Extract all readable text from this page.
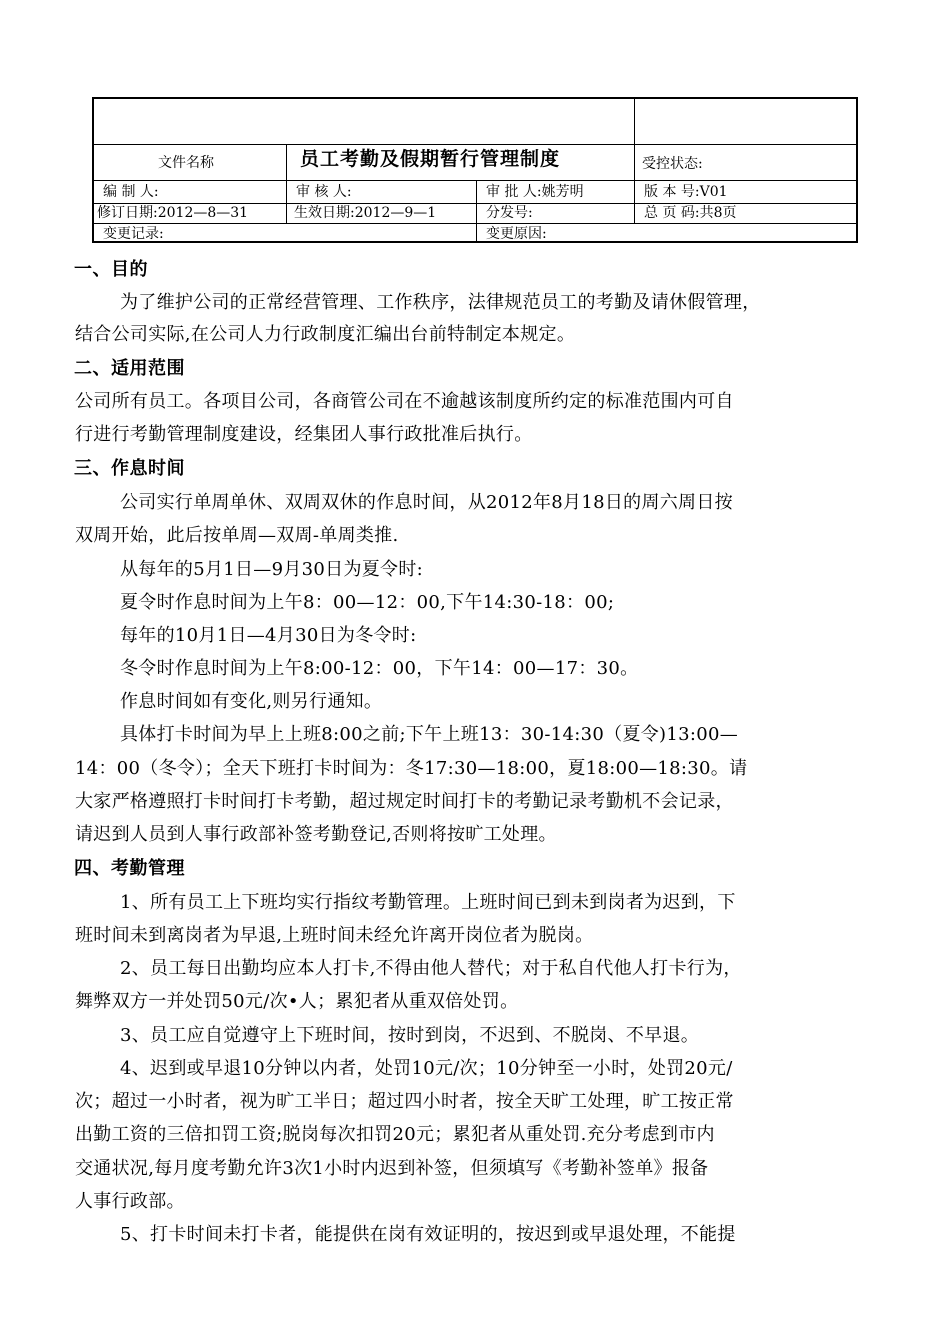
文件名称	员工考勤及假期暂行管理制度	受控状态:
编 制 人:	审 核 人:	审 批 人:姚芳明	版 本 号:V01
修订日期:2012—8—31	生效日期:2012—9—1	分发号:	总 页 码:共8页
变更记录:	变更原因:
一、目的
为了维护公司的正常经营管理、工作秩序，法律规范员工的考勤及请休假管理，
结合公司实际,在公司人力行政制度汇编出台前特制定本规定。
二、适用范围
公司所有员工。各项目公司，各商管公司在不逾越该制度所约定的标准范围内可自
行进行考勤管理制度建设，经集团人事行政批准后执行。
三、作息时间
公司实行单周单休、双周双休的作息时间，从2012年8月18日的周六周日按
双周开始，此后按单周—双周-单周类推.
从每年的5月1日—9月30日为夏令时:
夏令时作息时间为上午8：00—12：00,下午14:30-18：00;
每年的10月1日—4月30日为冬令时:
冬令时作息时间为上午8:00-12：00，下午14：00—17：30。
作息时间如有变化,则另行通知。
具体打卡时间为早上上班8:00之前;下午上班13：30-14:30（夏令)13:00—
14：00（冬令）；全天下班打卡时间为：冬17:30—18:00，夏18:00—18:30。请
大家严格遵照打卡时间打卡考勤，超过规定时间打卡的考勤记录考勤机不会记录，
请迟到人员到人事行政部补签考勤登记,否则将按旷工处理。
四、考勤管理
1、所有员工上下班均实行指纹考勤管理。上班时间已到未到岗者为迟到，下
班时间未到离岗者为早退,上班时间未经允许离开岗位者为脱岗。
2、员工每日出勤均应本人打卡,不得由他人替代；对于私自代他人打卡行为，
舞弊双方一并处罚50元/次•人；累犯者从重双倍处罚。
3、员工应自觉遵守上下班时间，按时到岗，不迟到、不脱岗、不早退。
4、迟到或早退10分钟以内者，处罚10元/次；10分钟至一小时，处罚20元/
次；超过一小时者，视为旷工半日；超过四小时者，按全天旷工处理，旷工按正常
出勤工资的三倍扣罚工资;脱岗每次扣罚20元；累犯者从重处罚.充分考虑到市内
交通状况,每月度考勤允许3次1小时内迟到补签，但须填写《考勤补签单》报备
人事行政部。
5、打卡时间未打卡者，能提供在岗有效证明的，按迟到或早退处理，不能提
